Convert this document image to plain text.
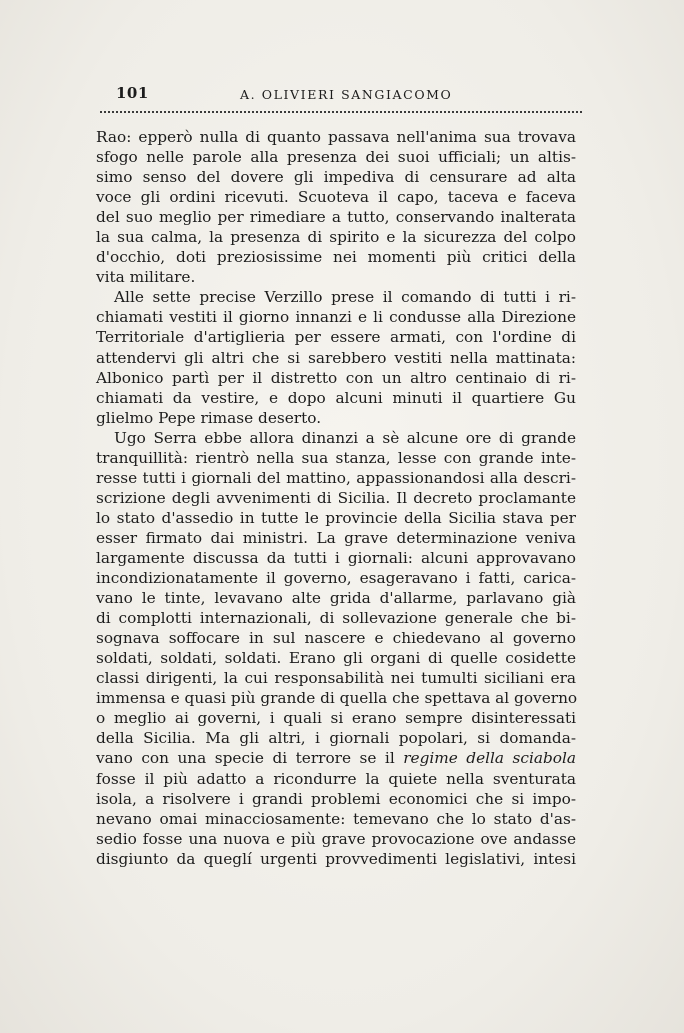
101	A. OLIVIERI SANGIACOMO
Rao: epperò nulla di quanto passava nell'anima sua trovava
sfogo nelle parole alla presenza dei suoi ufficiali; un altis-
simo senso del dovere gli impediva di censurare ad alta
voce gli ordini ricevuti. Scuoteva il capo, taceva e faceva
del suo meglio per rimediare a tutto, conservando inalterata
la sua calma, la presenza di spirito e la sicurezza del colpo
d'occhio, doti preziosissime nei momenti più critici della
vita militare.
Alle sette precise Verzillo prese il comando di tutti i ri-
chiamati vestiti il giorno innanzi e li condusse alla Direzione
Territoriale d'artiglieria per essere armati, con l'ordine di
attendervi gli altri che si sarebbero vestiti nella mattinata:
Albonico partì per il distretto con un altro centinaio di ri-
chiamati da vestire, e dopo alcuni minuti il quartiere Gu
glielmo Pepe rimase deserto.
Ugo Serra ebbe allora dinanzi a sè alcune ore di grande
tranquillità: rientrò nella sua stanza, lesse con grande inte-
resse tutti i giornali del mattino, appassionandosi alla descri-
scrizione degli avvenimenti di Sicilia. Il decreto proclamante
lo stato d'assedio in tutte le provincie della Sicilia stava per
esser firmato dai ministri. La grave determinazione veniva
largamente discussa da tutti i giornali: alcuni approvavano
incondizionatamente il governo, esageravano i fatti, carica-
vano le tinte, levavano alte grida d'allarme, parlavano già
di complotti internazionali, di sollevazione generale che bi-
sognava soffocare in sul nascere e chiedevano al governo
soldati, soldati, soldati. Erano gli organi di quelle cosidette
classi dirigenti, la cui responsabilità nei tumulti siciliani era
immensa e quasi più grande di quella che spettava al governo
o meglio ai governi, i quali si erano sempre disinteressati
della Sicilia. Ma gli altri, i giornali popolari, si domanda-
vano con una specie di terrore se il regime della sciabola
fosse il più adatto a ricondurre la quiete nella sventurata
isola, a risolvere i grandi problemi economici che si impo-
nevano omai minacciosamente: temevano che lo stato d'as-
sedio fosse una nuova e più grave provocazione ove andasse
disgiunto da queglí urgenti provvedimenti legislativi, intesi
